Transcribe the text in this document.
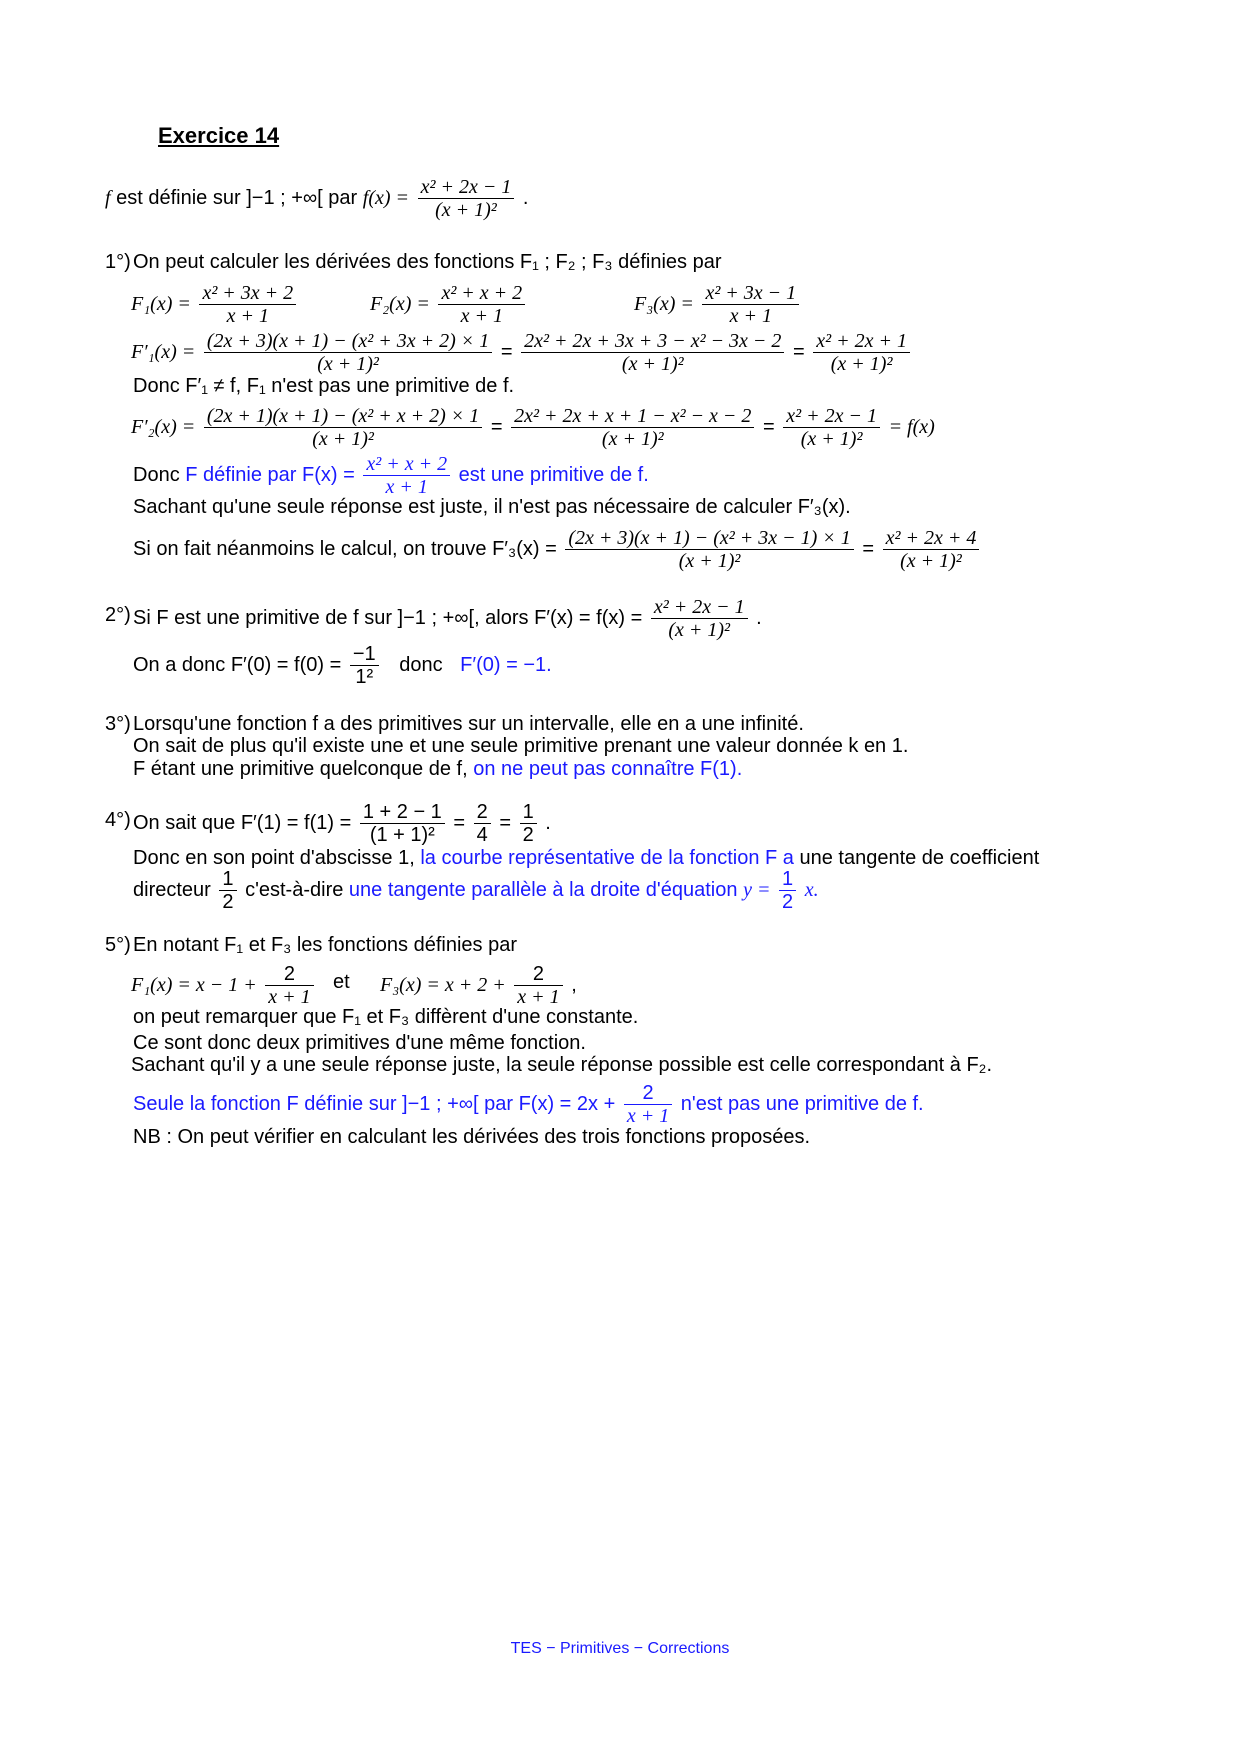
Exercice 14
f est définie sur ]−1 ; +∞[ par $f(x) = \frac{\text{x² + 2x − 1}}{\text{(x + 1)²}}$ .
1°) On peut calculer les dérivées des fonctions F₁ ; F₂ ; F₃ définies par
$F_1(x) = \frac{\text{x² + 3x + 2}}{x + 1}$	$F_2(x) = \frac{\text{x² + x + 2}}{x + 1}$	$F_3(x) = \frac{\text{x² + 3x − 1}}{x + 1}$
$F'_1(x) = \frac{\text{(2x + 3)(x + 1) − (x² + 3x + 2) × 1}}{\text{(x + 1)²}} = \frac{\text{2x² + 2x + 3x + 3 − x² − 3x − 2}}{\text{(x + 1)²}} = \frac{\text{x² + 2x + 1}}{\text{(x + 1)²}}$
Donc F′₁ ≠ f, F₁ n'est pas une primitive de f.
$F'_2(x) = \frac{\text{(2x + 1)(x + 1) − (x² + x + 2) × 1}}{\text{(x + 1)²}} = \frac{\text{2x² + 2x + x + 1 − x² − x − 2}}{\text{(x + 1)²}} = \frac{\text{x² + 2x − 1}}{\text{(x + 1)²}} = f(x)$
Donc F définie par $F(x) = \frac{\text{x² + x + 2}}{x + 1}$ est une primitive de f.
Sachant qu'une seule réponse est juste, il n'est pas nécessaire de calculer F′₃(x).
Si on fait néanmoins le calcul, on trouve $F'_3(x) = \frac{\text{(2x + 3)(x + 1) − (x² + 3x − 1) × 1}}{\text{(x + 1)²}} = \frac{\text{x² + 2x + 4}}{\text{(x + 1)²}}$
2°) Si F est une primitive de f sur ]−1 ; +∞[, alors $F'(x) = f(x) = \frac{\text{x² + 2x − 1}}{\text{(x + 1)²}}$ .
On a donc $F'(0) = f(0) = \frac{-1}{\text{1²}}$ donc F′(0) = −1.
3°) Lorsqu'une fonction f a des primitives sur un intervalle, elle en a une infinité.
On sait de plus qu'il existe une et une seule primitive prenant une valeur donnée k en 1.
F étant une primitive quelconque de f, on ne peut pas connaître F(1).
4°) On sait que $F'(1) = f(1) = \frac{1 + 2 - 1}{\text{(1 + 1)²}} = \frac{2}{4} = \frac{1}{2}$ .
Donc en son point d'abscisse 1, la courbe représentative de la fonction F a une tangente de coefficient
directeur $\frac{1}{2}$ c'est-à-dire une tangente parallèle à la droite d'équation $y = \frac{1}{2} x$.
5°) En notant F₁ et F₃ les fonctions définies par
$F_1(x) = x - 1 + \frac{2}{x + 1}$ et $F_3(x) = x + 2 + \frac{2}{x + 1}$ ,
on peut remarquer que F₁ et F₃ diffèrent d'une constante.
Ce sont donc deux primitives d'une même fonction.
Sachant qu'il y a une seule réponse juste, la seule réponse possible est celle correspondant à F₂.
Seule la fonction F définie sur ]−1 ; +∞[ par $F(x) = 2x + \frac{2}{x + 1} n'est$ pas une primitive de f.
NB : On peut vérifier en calculant les dérivées des trois fonctions proposées.
TES − Primitives − Corrections
